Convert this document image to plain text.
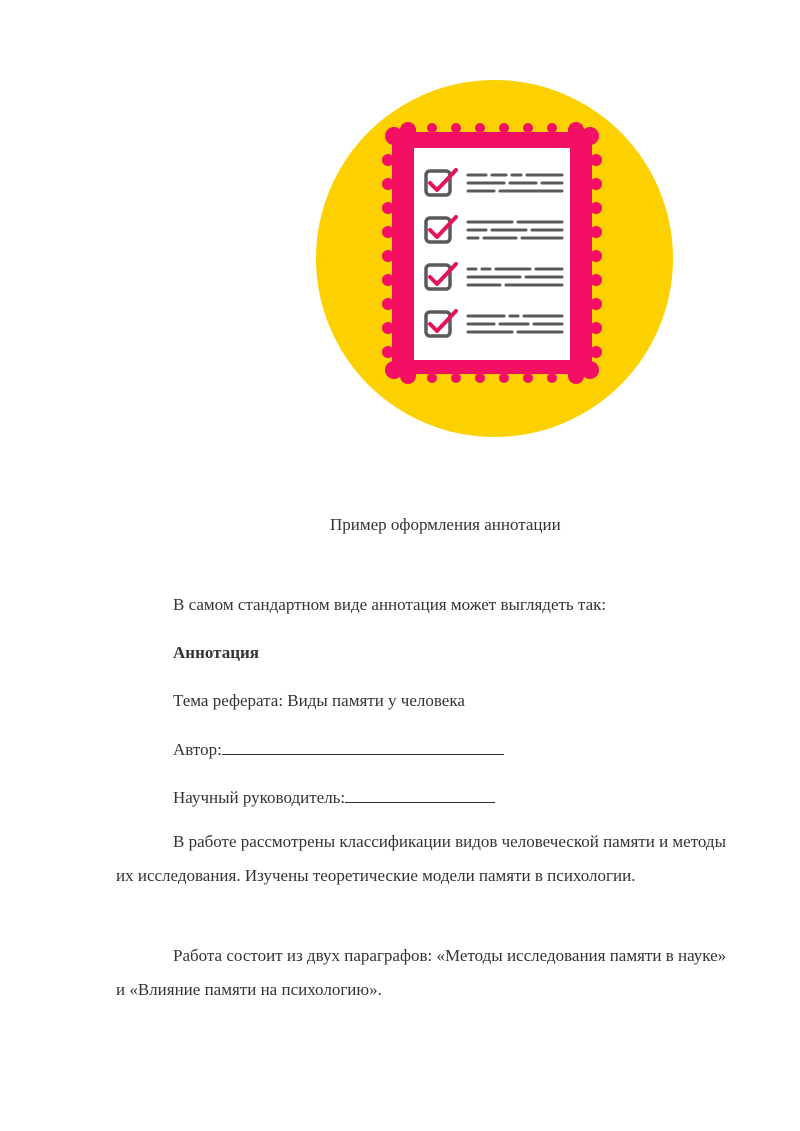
Пример оформления аннотации
В самом стандартном виде аннотация может выглядеть так:
Аннотация
Тема реферата: Виды памяти у человека
Автор:
Научный руководитель:

В работе рассмотрены классификации видов человеческой памяти и методы их исследования. Изучены теоретические модели памяти в психологии.

Работа состоит из двух параграфов: «Методы исследования памяти в науке» и «Влияние памяти на психологию».
